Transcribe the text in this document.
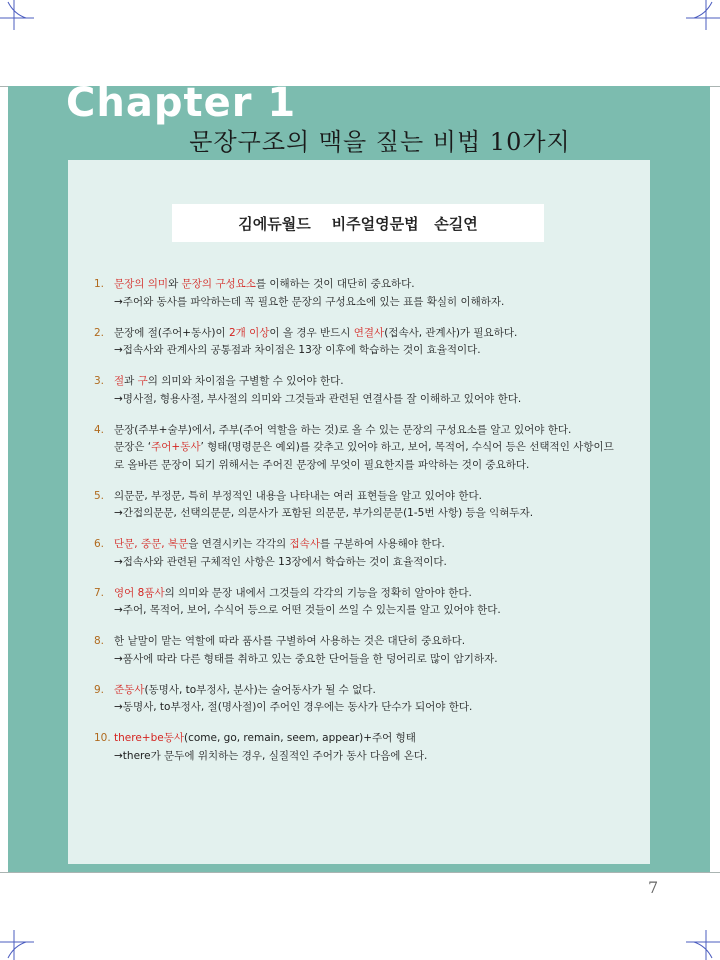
Chapter 1
문장구조의 맥을 짚는 비법 10가지
김에듀월드    비주얼영문법   손길연
1. 문장의 의미와 문장의 구성요소를 이해하는 것이 대단히 중요하다.
→주어와 동사를 파악하는데 꼭 필요한 문장의 구성요소에 있는 표를 확실히 이해하자.
2. 문장에 절(주어+동사)이 2개 이상이 올 경우 반드시 연결사(접속사, 관계사)가 필요하다.
→접속사와 관계사의 공통점과 차이점은 13장 이후에 학습하는 것이 효율적이다.
3. 절과 구의 의미와 차이점을 구별할 수 있어야 한다.
→명사절, 형용사절, 부사절의 의미와 그것들과 관련된 연결사를 잘 이해하고 있어야 한다.
4. 문장(주부+술부)에서, 주부(주어 역할을 하는 것)로 올 수 있는 문장의 구성요소를 알고 있어야 한다.
문장은 ‘주어+동사’ 형태(명령문은 예외)를 갖추고 있어야 하고, 보어, 목적어, 수식어 등은 선택적인 사항이므
로 올바른 문장이 되기 위해서는 주어진 문장에 무엇이 필요한지를 파악하는 것이 중요하다.
5. 의문문, 부정문, 특히 부정적인 내용을 나타내는 여러 표현들을 알고 있어야 한다.
→간접의문문, 선택의문문, 의문사가 포함된 의문문, 부가의문문(1-5번 사항) 등을 익혀두자.
6. 단문, 중문, 복문을 연결시키는 각각의 접속사를 구분하여 사용해야 한다.
→접속사와 관련된 구체적인 사항은 13장에서 학습하는 것이 효율적이다.
7. 영어 8품사의 의미와 문장 내에서 그것들의 각각의 기능을 정확히 알아야 한다.
→주어, 목적어, 보어, 수식어 등으로 어떤 것들이 쓰일 수 있는지를 알고 있어야 한다.
8. 한 낱말이 맡는 역할에 따라 품사를 구별하여 사용하는 것은 대단히 중요하다.
→품사에 따라 다른 형태를 취하고 있는 중요한 단어들을 한 덩어리로 많이 암기하자.
9. 준동사(동명사, to부정사, 분사)는 술어동사가 될 수 없다.
→동명사, to부정사, 절(명사절)이 주어인 경우에는 동사가 단수가 되어야 한다.
10. there+be동사(come, go, remain, seem, appear)+주어 형태
→there가 문두에 위치하는 경우, 실질적인 주어가 동사 다음에 온다.
7
